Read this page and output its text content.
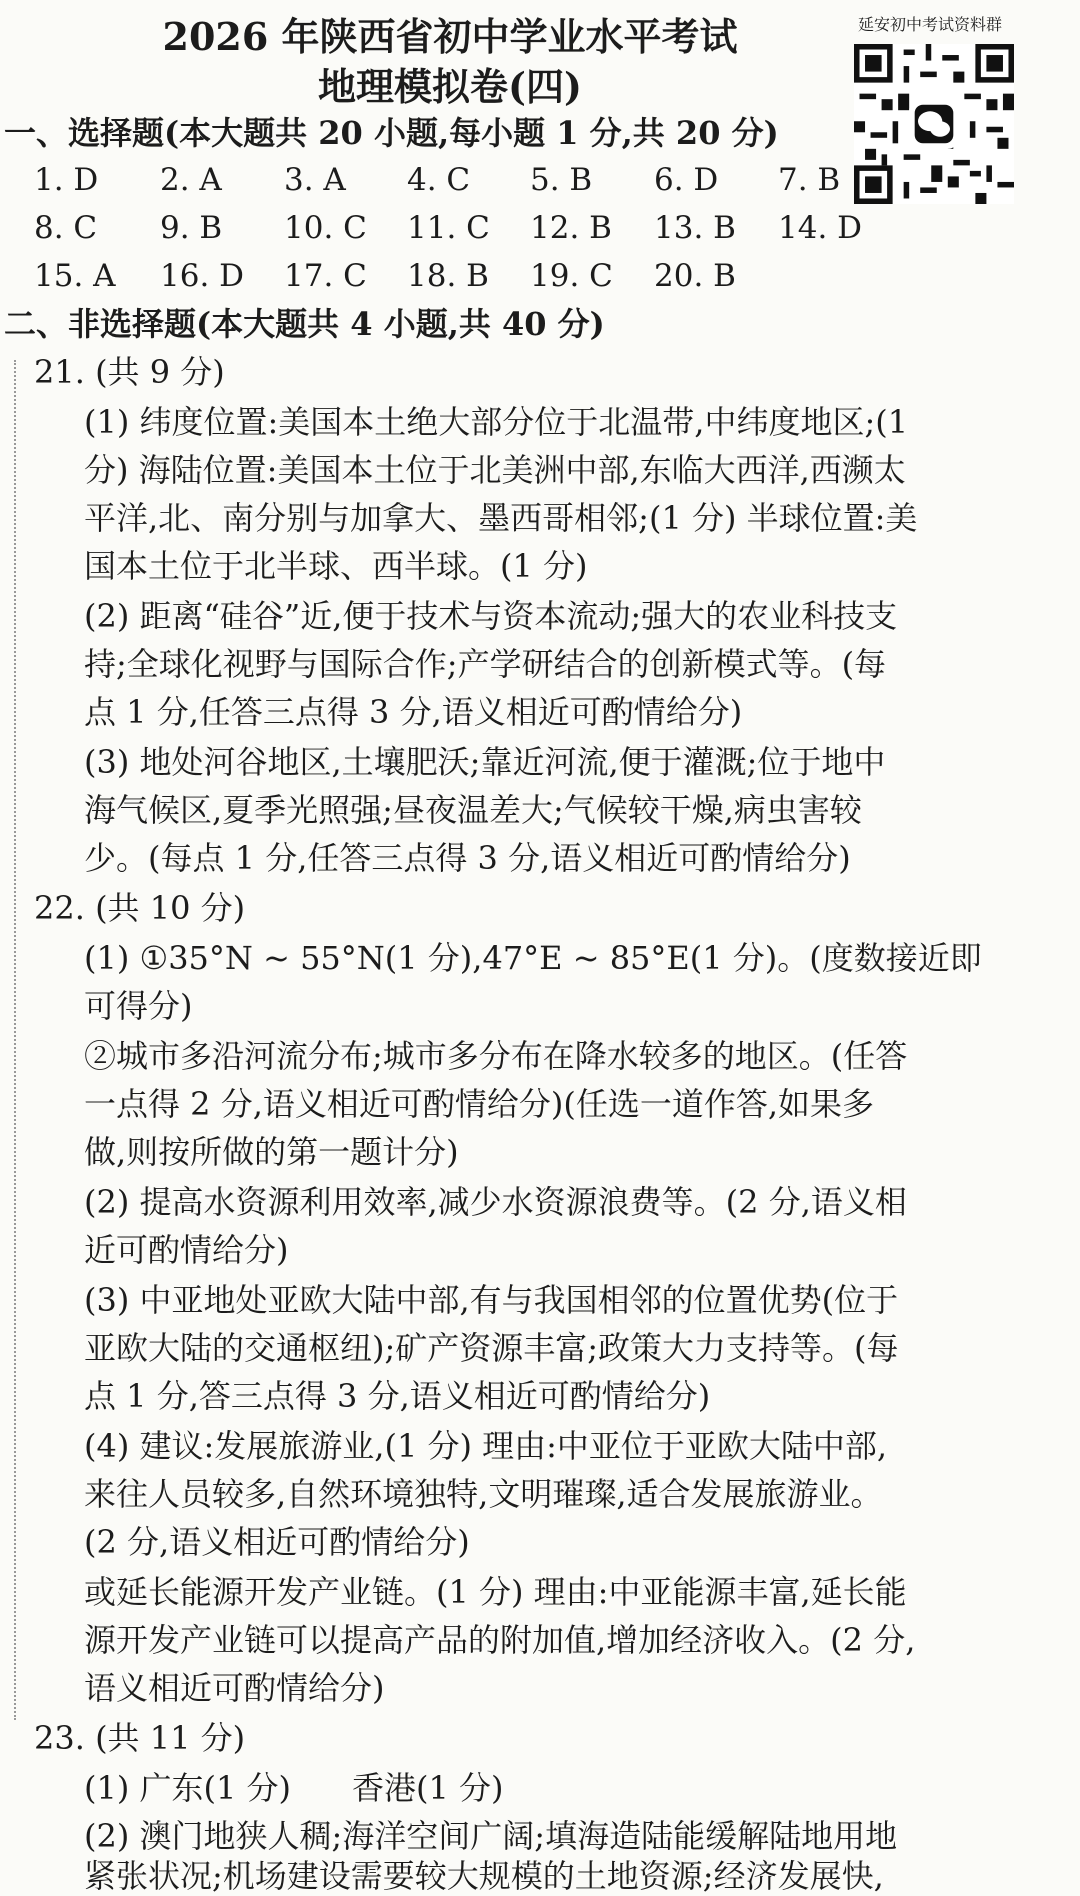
2026 年陕西省初中学业水平考试
地理模拟卷(四)
延安初中考试资料群
一、选择题(本大题共 20 小题,每小题 1 分,共 20 分)
1. D 2. A 3. A 4. C 5. B 6. D 7. B
8. C 9. B 10. C 11. C 12. B 13. B 14. D
15. A 16. D 17. C 18. B 19. C 20. B
二、非选择题(本大题共 4 小题,共 40 分)
21. (共 9 分)
(1) 纬度位置:美国本土绝大部分位于北温带,中纬度地区;(1
分) 海陆位置:美国本土位于北美洲中部,东临大西洋,西濒太
平洋,北、南分别与加拿大、墨西哥相邻;(1 分) 半球位置:美
国本土位于北半球、西半球。(1 分)
(2) 距离“硅谷”近,便于技术与资本流动;强大的农业科技支
持;全球化视野与国际合作;产学研结合的创新模式等。(每
点 1 分,任答三点得 3 分,语义相近可酌情给分)
(3) 地处河谷地区,土壤肥沃;靠近河流,便于灌溉;位于地中
海气候区,夏季光照强;昼夜温差大;气候较干燥,病虫害较
少。(每点 1 分,任答三点得 3 分,语义相近可酌情给分)
22. (共 10 分)
(1) ①35°N ~ 55°N(1 分),47°E ~ 85°E(1 分)。(度数接近即
可得分)
②城市多沿河流分布;城市多分布在降水较多的地区。(任答
一点得 2 分,语义相近可酌情给分)(任选一道作答,如果多
做,则按所做的第一题计分)
(2) 提高水资源利用效率,减少水资源浪费等。(2 分,语义相
近可酌情给分)
(3) 中亚地处亚欧大陆中部,有与我国相邻的位置优势(位于
亚欧大陆的交通枢纽);矿产资源丰富;政策大力支持等。(每
点 1 分,答三点得 3 分,语义相近可酌情给分)
(4) 建议:发展旅游业,(1 分) 理由:中亚位于亚欧大陆中部,
来往人员较多,自然环境独特,文明璀璨,适合发展旅游业。
(2 分,语义相近可酌情给分)
或延长能源开发产业链。(1 分) 理由:中亚能源丰富,延长能
源开发产业链可以提高产品的附加值,增加经济收入。(2 分,
语义相近可酌情给分)
23. (共 11 分)
(1) 广东(1 分)      香港(1 分)
(2) 澳门地狭人稠;海洋空间广阔;填海造陆能缓解陆地用地
紧张状况;机场建设需要较大规模的土地资源;经济发展快,
